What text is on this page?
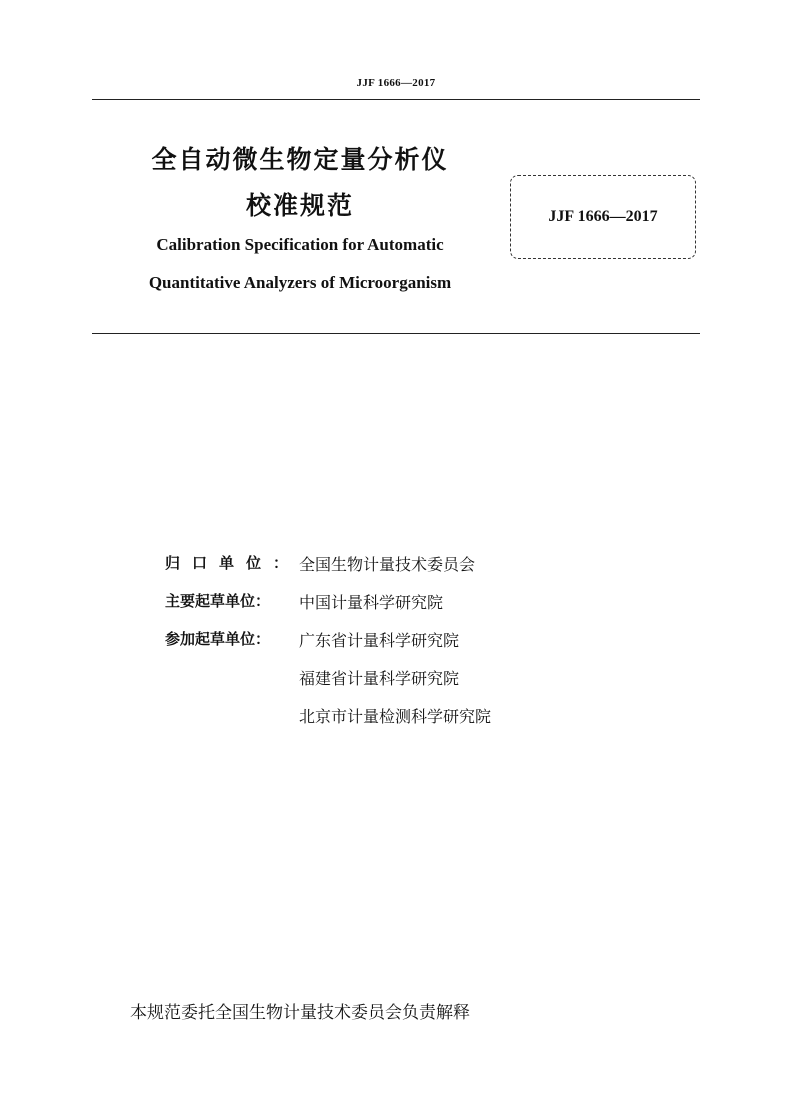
JJF 1666—2017
全自动微生物定量分析仪
校准规范
Calibration Specification for Automatic
Quantitative Analyzers of Microorganism
JJF 1666—2017
归口单位：
全国生物计量技术委员会
主要起草单位：	中国计量科学研究院
参加起草单位：	广东省计量科学研究院
福建省计量科学研究院
北京市计量检测科学研究院
本规范委托全国生物计量技术委员会负责解释
